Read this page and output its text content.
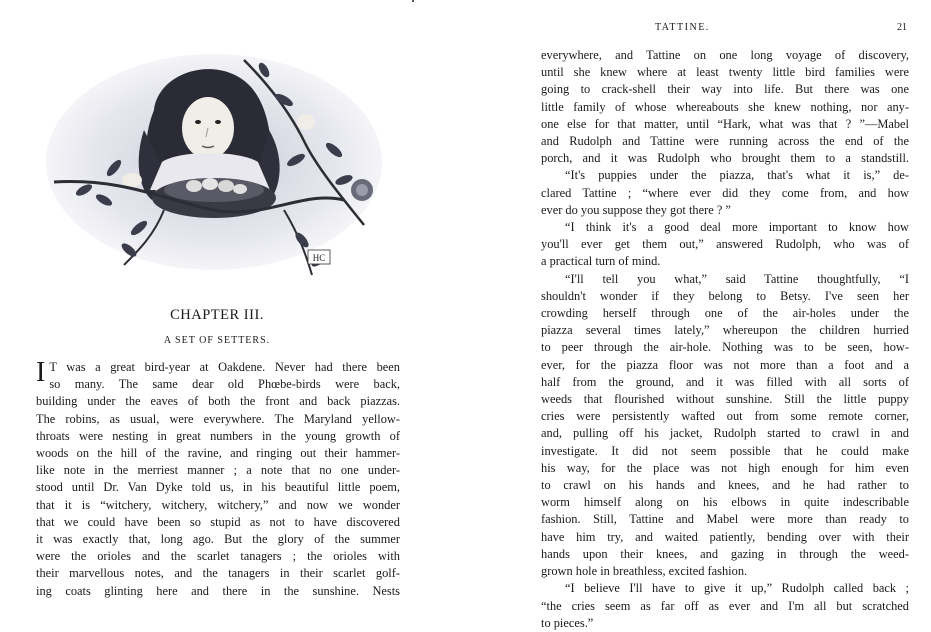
HC
CHAPTER III.
A SET OF SETTERS.
I T was a great bird-year at Oakdene. Never had there been
so many. The same dear old Phœbe-birds were back,
building under the eaves of both the front and back piazzas.
The robins, as usual, were everywhere. The Maryland yellow-
throats were nesting in great numbers in the young growth of
woods on the hill of the ravine, and ringing out their hammer-
like note in the merriest manner ; a note that no one under-
stood until Dr. Van Dyke told us, in his beautiful little poem,
that it is “witchery, witchery, witchery,” and now we wonder
that we could have been so stupid as not to have discovered
it was exactly that, long ago. But the glory of the summer
were the orioles and the scarlet tanagers ; the orioles with
their marvellous notes, and the tanagers in their scarlet golf-
ing coats glinting here and there in the sunshine. Nests
TATTINE.	21
everywhere, and Tattine on one long voyage of discovery,
until she knew where at least twenty little bird families were
going to crack-shell their way into life. But there was one
little family of whose whereabouts she knew nothing, nor any-
one else for that matter, until “Hark, what was that ? ”—Mabel
and Rudolph and Tattine were running across the end of the
porch, and it was Rudolph who brought them to a standstill.
“It's puppies under the piazza, that's what it is,” de-
clared Tattine ; “where ever did they come from, and how
ever do you suppose they got there ? ”
“I think it's a good deal more important to know how
you'll ever get them out,” answered Rudolph, who was of
a practical turn of mind.
“I'll tell you what,” said Tattine thoughtfully, “I
shouldn't wonder if they belong to Betsy. I've seen her
crowding herself through one of the air-holes under the
piazza several times lately,” whereupon the children hurried
to peer through the air-hole. Nothing was to be seen, how-
ever, for the piazza floor was not more than a foot and a
half from the ground, and it was filled with all sorts of
weeds that flourished without sunshine. Still the little puppy
cries were persistently wafted out from some remote corner,
and, pulling off his jacket, Rudolph started to crawl in and
investigate. It did not seem possible that he could make
his way, for the place was not high enough for him even
to crawl on his hands and knees, and he had rather to
worm himself along on his elbows in quite indescribable
fashion. Still, Tattine and Mabel were more than ready to
have him try, and waited patiently, bending over with their
hands upon their knees, and gazing in through the weed-
grown hole in breathless, excited fashion.
“I believe I'll have to give it up,” Rudolph called back ;
“the cries seem as far off as ever and I'm all but scratched
to pieces.”
